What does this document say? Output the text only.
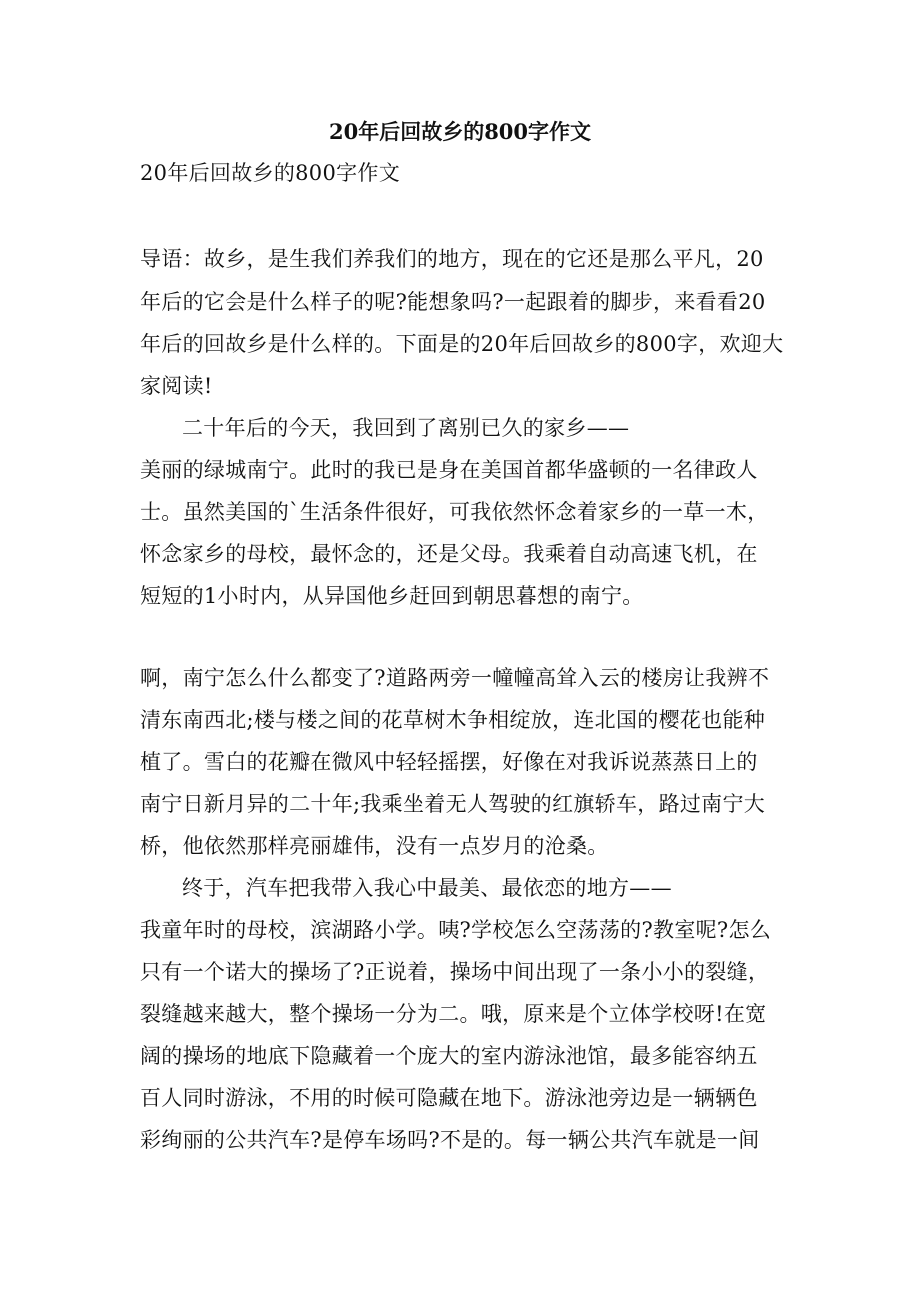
20年后回故乡的800字作文
20年后回故乡的800字作文
导语：故乡，是生我们养我们的地方，现在的它还是那么平凡，20
年后的它会是什么样子的呢?能想象吗?一起跟着的脚步，来看看20
年后的回故乡是什么样的。下面是的20年后回故乡的800字，欢迎大
家阅读!
二十年后的今天，我回到了离别已久的家乡——
美丽的绿城南宁。此时的我已是身在美国首都华盛顿的一名律政人
士。虽然美国的`生活条件很好，可我依然怀念着家乡的一草一木，
怀念家乡的母校，最怀念的，还是父母。我乘着自动高速飞机，在
短短的1小时内，从异国他乡赶回到朝思暮想的南宁。
啊，南宁怎么什么都变了?道路两旁一幢幢高耸入云的楼房让我辨不
清东南西北;楼与楼之间的花草树木争相绽放，连北国的樱花也能种
植了。雪白的花瓣在微风中轻轻摇摆，好像在对我诉说蒸蒸日上的
南宁日新月异的二十年;我乘坐着无人驾驶的红旗轿车，路过南宁大
桥，他依然那样亮丽雄伟，没有一点岁月的沧桑。
终于，汽车把我带入我心中最美、最依恋的地方——
我童年时的母校，滨湖路小学。咦?学校怎么空荡荡的?教室呢?怎么
只有一个诺大的操场了?正说着，操场中间出现了一条小小的裂缝，
裂缝越来越大，整个操场一分为二。哦，原来是个立体学校呀!在宽
阔的操场的地底下隐藏着一个庞大的室内游泳池馆，最多能容纳五
百人同时游泳，不用的时候可隐藏在地下。游泳池旁边是一辆辆色
彩绚丽的公共汽车?是停车场吗?不是的。每一辆公共汽车就是一间
